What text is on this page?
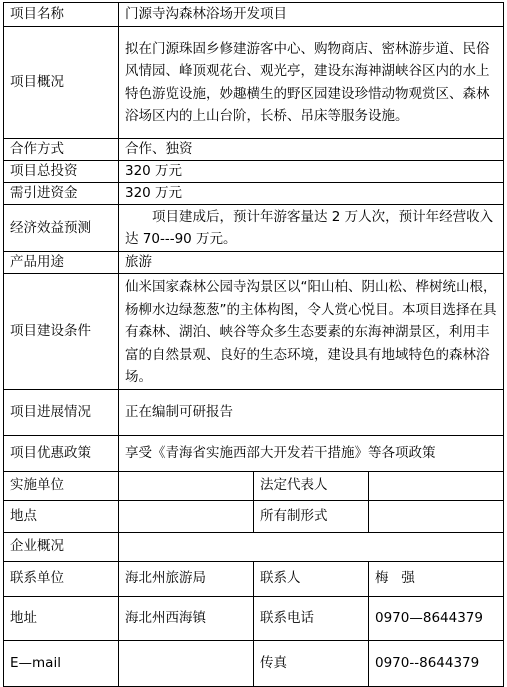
项目名称	门源寺沟森林浴场开发项目		
项目概况	拟在门源珠固乡修建游客中心、购物商店、密林游步道、民俗风情园、峰顶观花台、观光亭，建设东海神湖峡谷区内的水上特色游览设施，妙趣横生的野区园建设珍惜动物观赏区、森林浴场区内的上山台阶，长桥、吊床等服务设施。		
合作方式	合作、独资		
项目总投资	320 万元		
需引进资金	320 万元		
经济效益预测	项目建成后，预计年游客量达 2 万人次，预计年经营收入达 70---90 万元。		
产品用途	旅游		
项目建设条件	仙米国家森林公园寺沟景区以“阳山柏、阴山松、桦树统山根，杨柳水边绿葱葱”的主体构图，令人赏心悦目。本项目选择在具有森林、湖泊、峡谷等众多生态要素的东海神湖景区，利用丰富的自然景观、良好的生态环境，建设具有地域特色的森林浴场。		
项目进展情况	正在编制可研报告		
项目优惠政策	享受《青海省实施西部大开发若干措施》等各项政策		
实施单位		法定代表人	
地点		所有制形式	
企业概况			
联系单位	海北州旅游局	联系人	梅   强
地址	海北州西海镇	联系电话	0970—8644379
E—mail		传真	0970--8644379
